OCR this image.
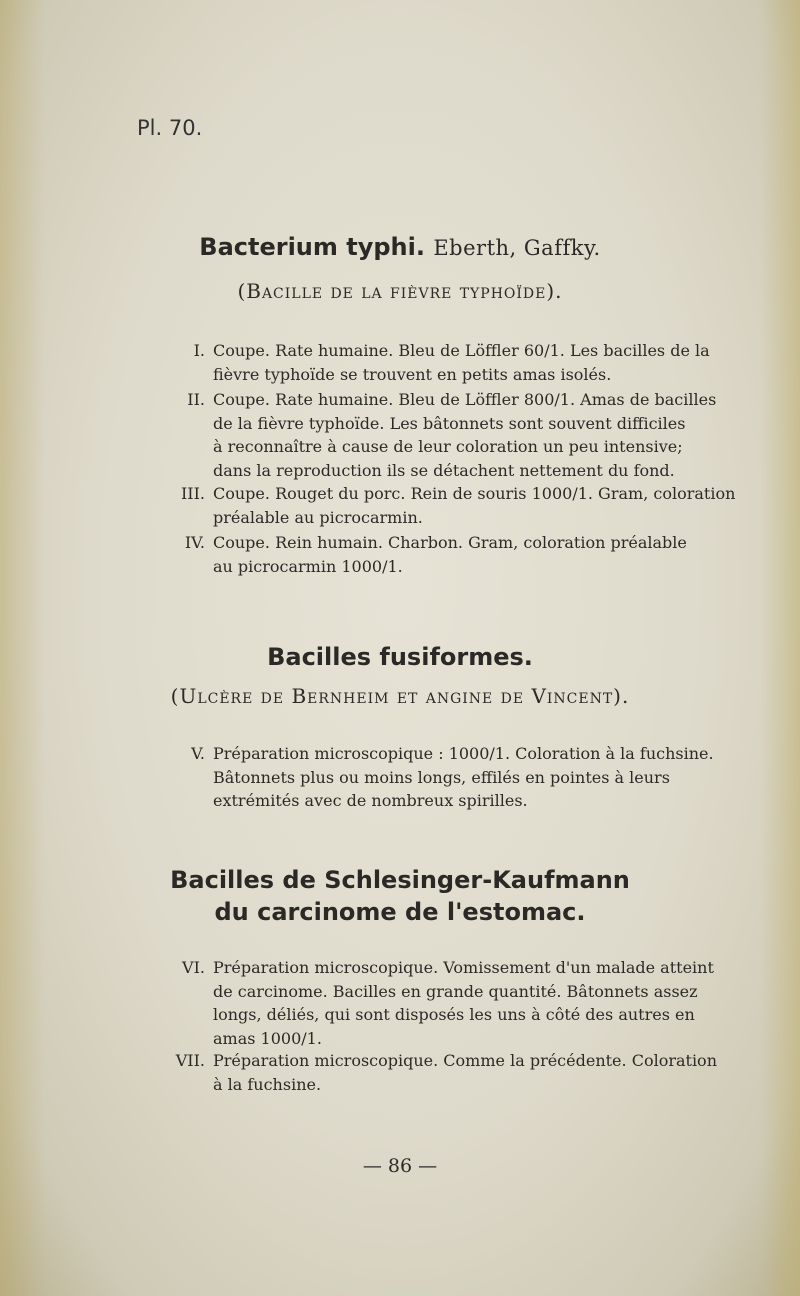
Pl. 70.
Bacterium typhi. Eberth, Gaffky.
(Bacille de la fièvre typhoïde).
I. Coupe. Rate humaine. Bleu de Löffler 60/1. Les bacilles de la
fièvre typhoïde se trouvent en petits amas isolés.
II. Coupe. Rate humaine. Bleu de Löffler 800/1. Amas de bacilles
de la fièvre typhoïde. Les bâtonnets sont souvent difficiles
à reconnaître à cause de leur coloration un peu intensive;
dans la reproduction ils se détachent nettement du fond.
III. Coupe. Rouget du porc. Rein de souris 1000/1. Gram, coloration
préalable au picrocarmin.
IV. Coupe. Rein humain. Charbon. Gram, coloration préalable
au picrocarmin 1000/1.
Bacilles fusiformes.
(Ulcère de Bernheim et angine de Vincent).
V. Préparation microscopique : 1000/1. Coloration à la fuchsine.
Bâtonnets plus ou moins longs, effilés en pointes à leurs
extrémités avec de nombreux spirilles.
Bacilles de Schlesinger-Kaufmann
du carcinome de l'estomac.
VI. Préparation microscopique. Vomissement d'un malade atteint
de carcinome. Bacilles en grande quantité. Bâtonnets assez
longs, déliés, qui sont disposés les uns à côté des autres en
amas 1000/1.
VII. Préparation microscopique. Comme la précédente. Coloration
à la fuchsine.
— 86 —
